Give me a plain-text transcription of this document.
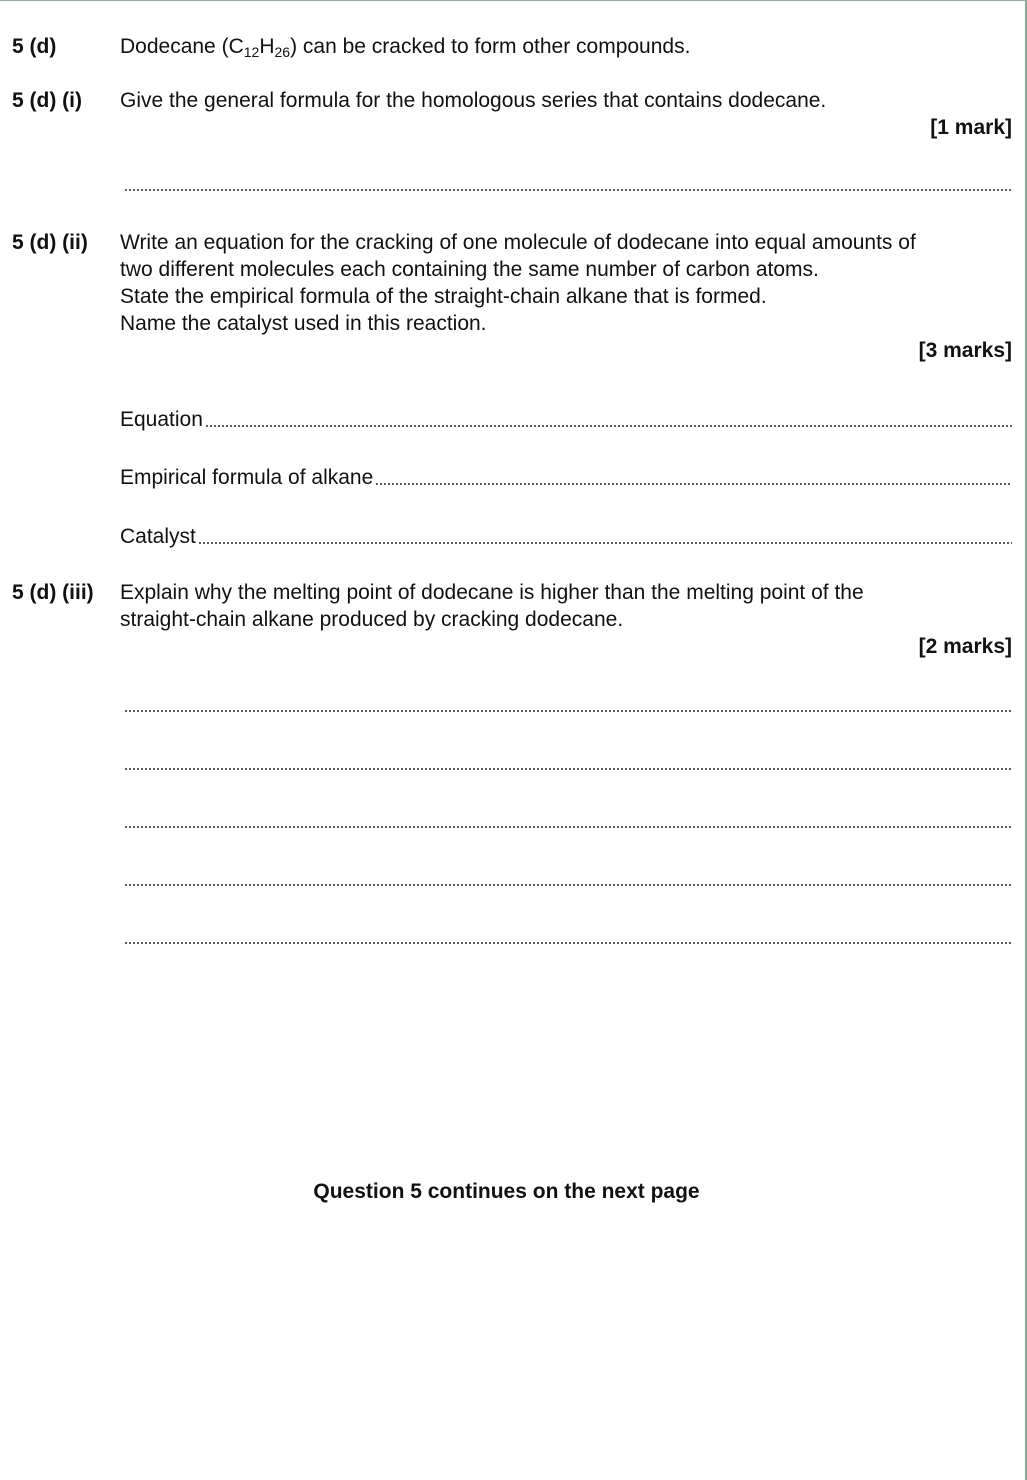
5 (d)	Dodecane $(C_{12}H_{26})$ can be cracked to form other compounds.
5 (d) (i) Give the general formula for the homologous series that contains dodecane.
[1 mark]
5 (d) (ii) Write an equation for the cracking of one molecule of dodecane into equal amounts of
two different molecules each containing the same number of carbon atoms.
State the empirical formula of the straight-chain alkane that is formed.
Name the catalyst used in this reaction.
[3 marks]
Equation
Empirical formula of alkane
Catalyst
5 (d) (iii) Explain why the melting point of dodecane is higher than the melting point of the
straight-chain alkane produced by cracking dodecane.
[2 marks]
Question 5 continues on the next page
